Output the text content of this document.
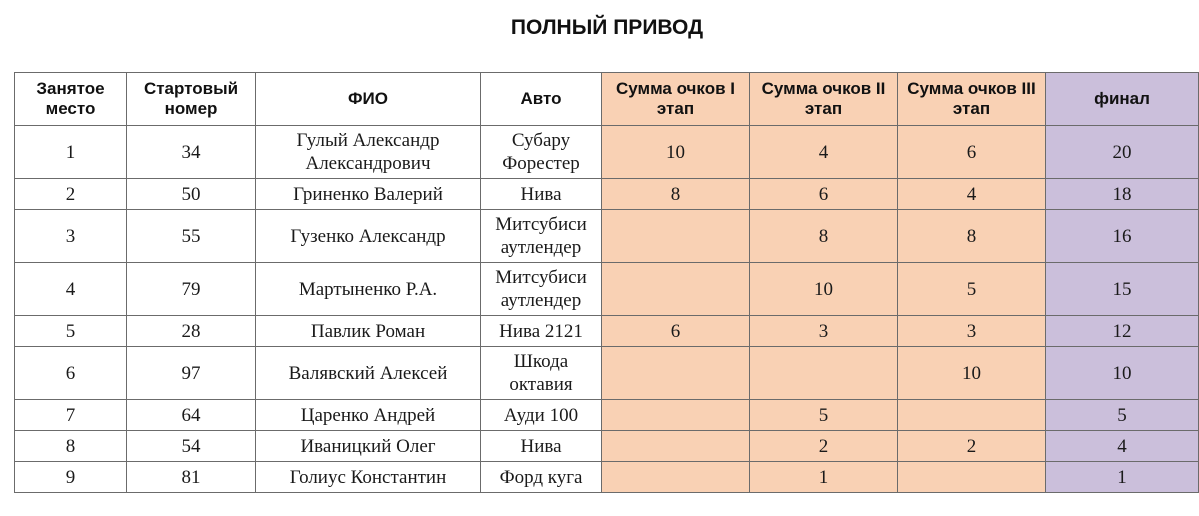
ПОЛНЫЙ ПРИВОД
Занятое место	Стартовый номер	ФИО	Авто	Сумма очков I этап	Сумма очков II этап	Сумма очков III этап	финал
1	34	Гулый Александр Александрович	Субару Форестер	10	4	6	20
2	50	Гриненко Валерий	Нива	8	6	4	18
3	55	Гузенко Александр	Митсубиси аутлендер		8	8	16
4	79	Мартыненко Р.А.	Митсубиси аутлендер		10	5	15
5	28	Павлик Роман	Нива 2121	6	3	3	12
6	97	Валявский Алексей	Шкода октавия			10	10
7	64	Царенко Андрей	Ауди 100		5		5
8	54	Иваницкий Олег	Нива		2	2	4
9	81	Голиус Константин	Форд куга		1		1
